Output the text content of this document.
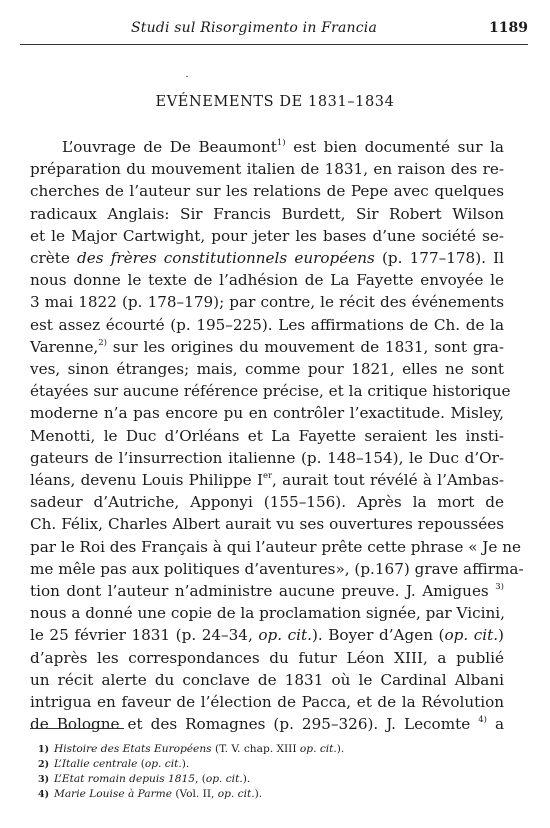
Studi sul Risorgimento in Francia	1189
EVÉNEMENTS DE 1831–1834
L’ouvrage de De Beaumont$^{1)}$ est bien documenté sur la
préparation du mouvement italien de 1831, en raison des re-
cherches de l’auteur sur les relations de Pepe avec quelques
radicaux Anglais: Sir Francis Burdett, Sir Robert Wilson
et le Major Cartwight, pour jeter les bases d’une société se-
crète des frères constitutionnels européens (p. 177–178). Il
nous donne le texte de l’adhésion de La Fayette envoyée le
3 mai 1822 (p. 178–179); par contre, le récit des événements
est assez écourté (p. 195–225). Les affirmations de Ch. de la
Varenne,$^{2)}$ sur les origines du mouvement de 1831, sont gra-
ves, sinon étranges; mais, comme pour 1821, elles ne sont
étayées sur aucune référence précise, et la critique historique
moderne n’a pas encore pu en contrôler l’exactitude. Misley,
Menotti, le Duc d’Orléans et La Fayette seraient les insti-
gateurs de l’insurrection italienne (p. 148–154), le Duc d’Or-
léans, devenu Louis Philippe Ier, aurait tout révélé à l’Ambas-
sadeur d’Autriche, Apponyi (155–156). Après la mort de
Ch. Félix, Charles Albert aurait vu ses ouvertures repoussées
par le Roi des Français à qui l’auteur prête cette phrase « Je ne
me mêle pas aux politiques d’aventures», (p.167) grave affirma-
tion dont l’auteur n’administre aucune preuve. J. Amigues $^{3)}$
nous a donné une copie de la proclamation signée, par Vicini,
le 25 février 1831 (p. 24–34, op. cit.). Boyer d’Agen (op. cit.)
d’après les correspondances du futur Léon XIII, a publié
un récit alerte du conclave de 1831 où le Cardinal Albani
intrigua en faveur de l’élection de Pacca, et de la Révolution
de Bologne et des Romagnes (p. 295–326). J. Lecomte $^{4)}$ a
1) Histoire des Etats Européens (T. V. chap. XIII op. cit.).
2) L’Italie centrale (op. cit.).
3) L’Etat romain depuis 1815, (op. cit.).
4) Marie Louise à Parme (Vol. II, op. cit.).
